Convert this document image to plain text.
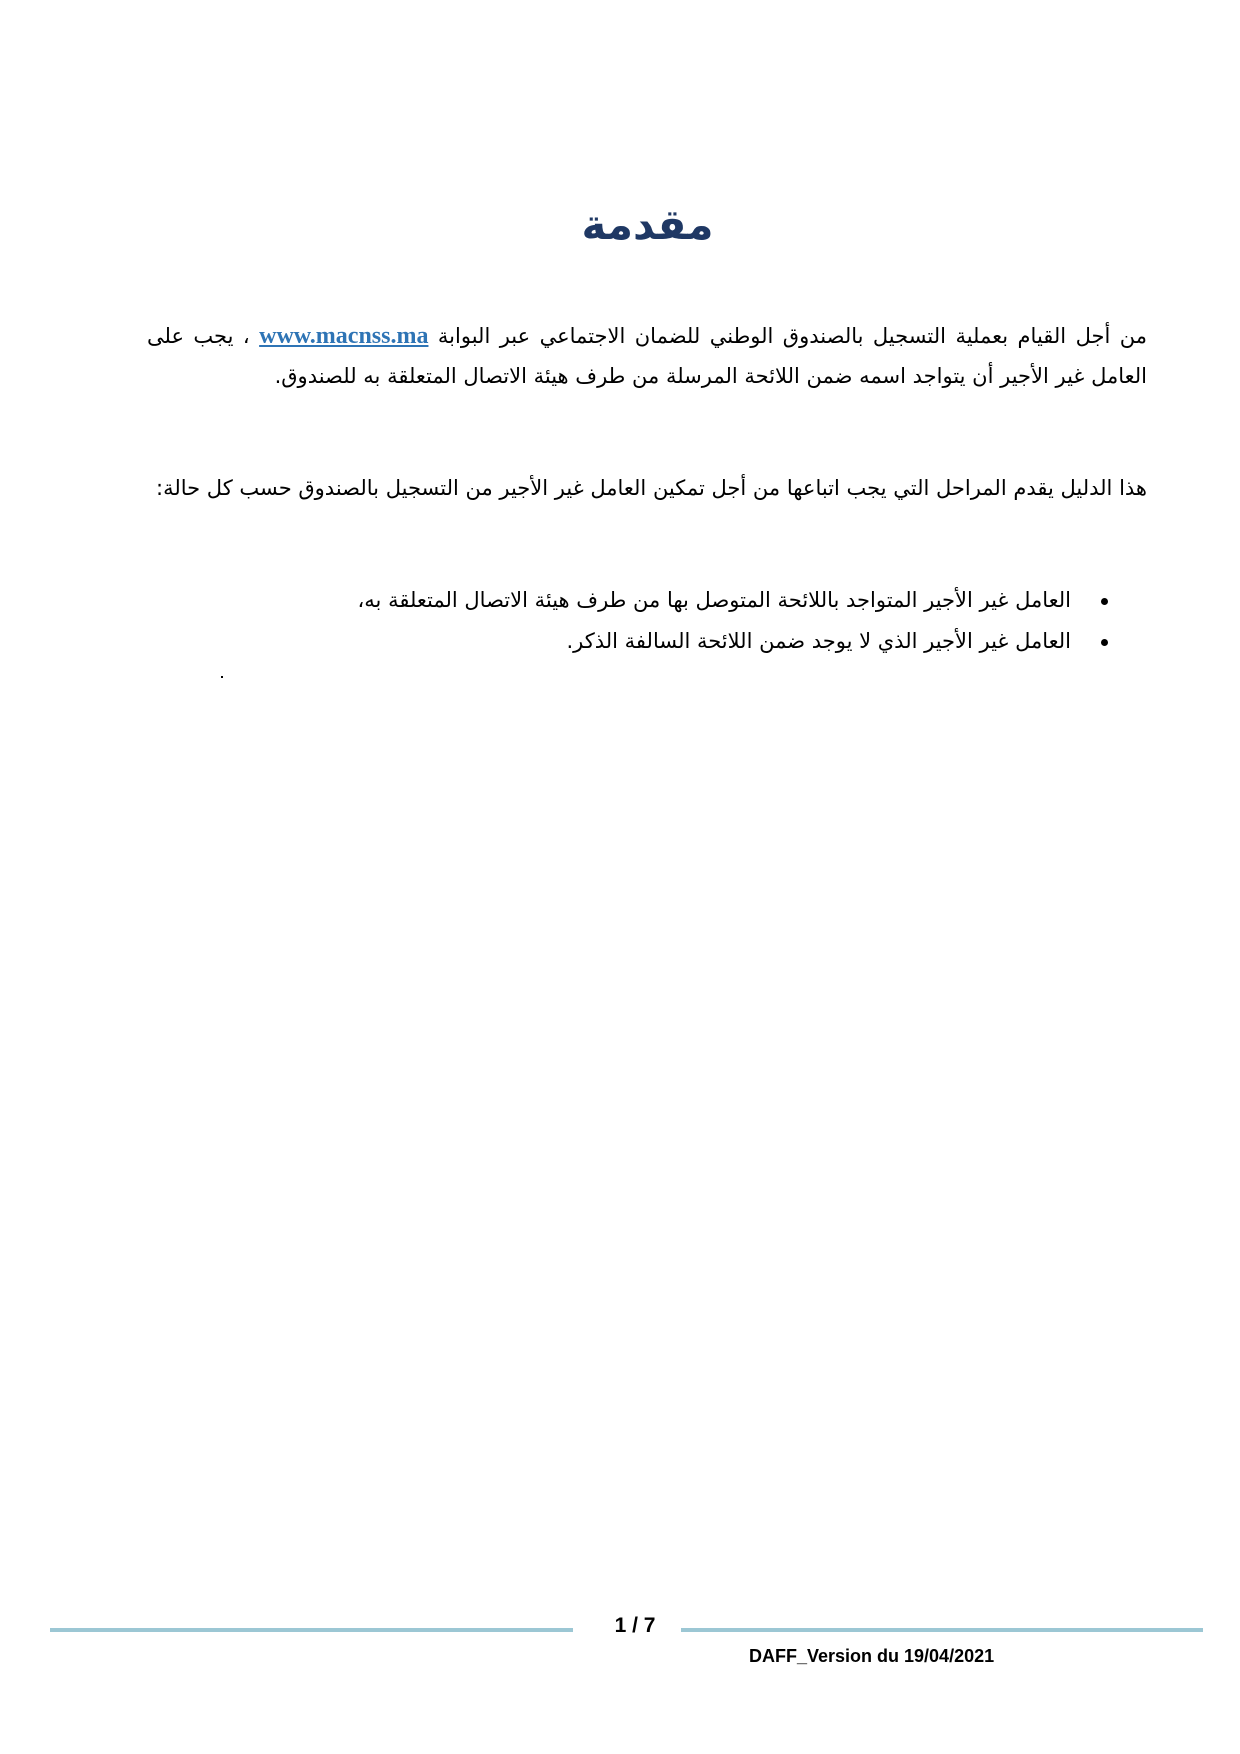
مقدمة

من أجل القيام بعملية التسجيل بالصندوق الوطني للضمان الاجتماعي عبر البوابة www.macnss.ma ، يجب على العامل غير الأجير أن يتواجد اسمه ضمن اللائحة المرسلة من طرف هيئة الاتصال المتعلقة به للصندوق.

هذا الدليل يقدم المراحل التي يجب اتباعها من أجل تمكين العامل غير الأجير من التسجيل بالصندوق حسب كل حالة:

العامل غير الأجير المتواجد باللائحة المتوصل بها من طرف هيئة الاتصال المتعلقة به،
العامل غير الأجير الذي لا يوجد ضمن اللائحة السالفة الذكر.
1 / 7
DAFF_Version du 19/04/2021
